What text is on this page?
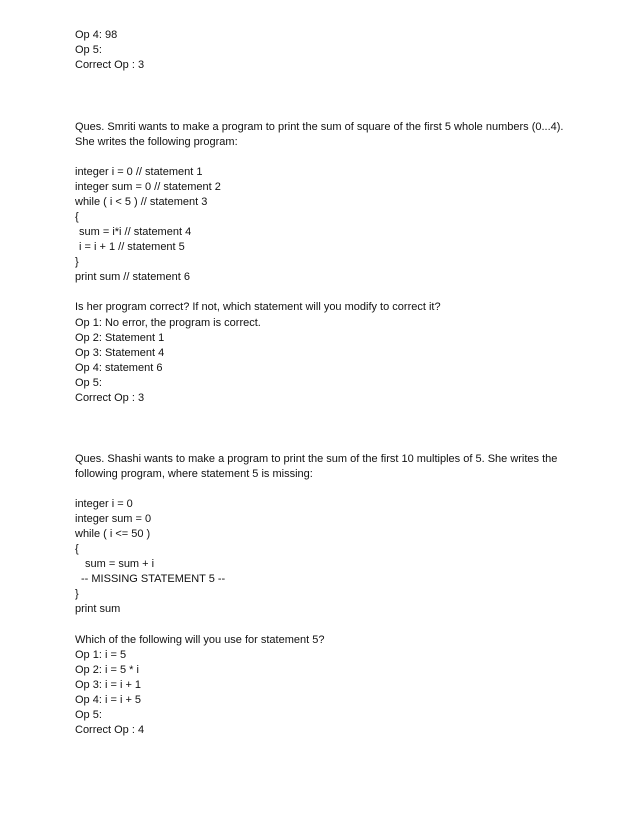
Op 4: 98
Op 5:
Correct Op : 3
Ques. Smriti wants to make a program to print the sum of square of the first 5 whole numbers (0...4).
She writes the following program:
integer i = 0 // statement 1
integer sum = 0 // statement 2
while ( i < 5 ) // statement 3
{
sum = i*i // statement 4
i = i + 1 // statement 5
}
print sum // statement 6
Is her program correct? If not, which statement will you modify to correct it?
Op 1: No error, the program is correct.
Op 2: Statement 1
Op 3: Statement 4
Op 4: statement 6
Op 5:
Correct Op : 3
Ques. Shashi wants to make a program to print the sum of the first 10 multiples of 5. She writes the
following program, where statement 5 is missing:
integer i = 0
integer sum = 0
while ( i <= 50 )
{
sum = sum + i
-- MISSING STATEMENT 5 --
}
print sum
Which of the following will you use for statement 5?
Op 1: i = 5
Op 2: i = 5 * i
Op 3: i = i + 1
Op 4: i = i + 5
Op 5:
Correct Op : 4
